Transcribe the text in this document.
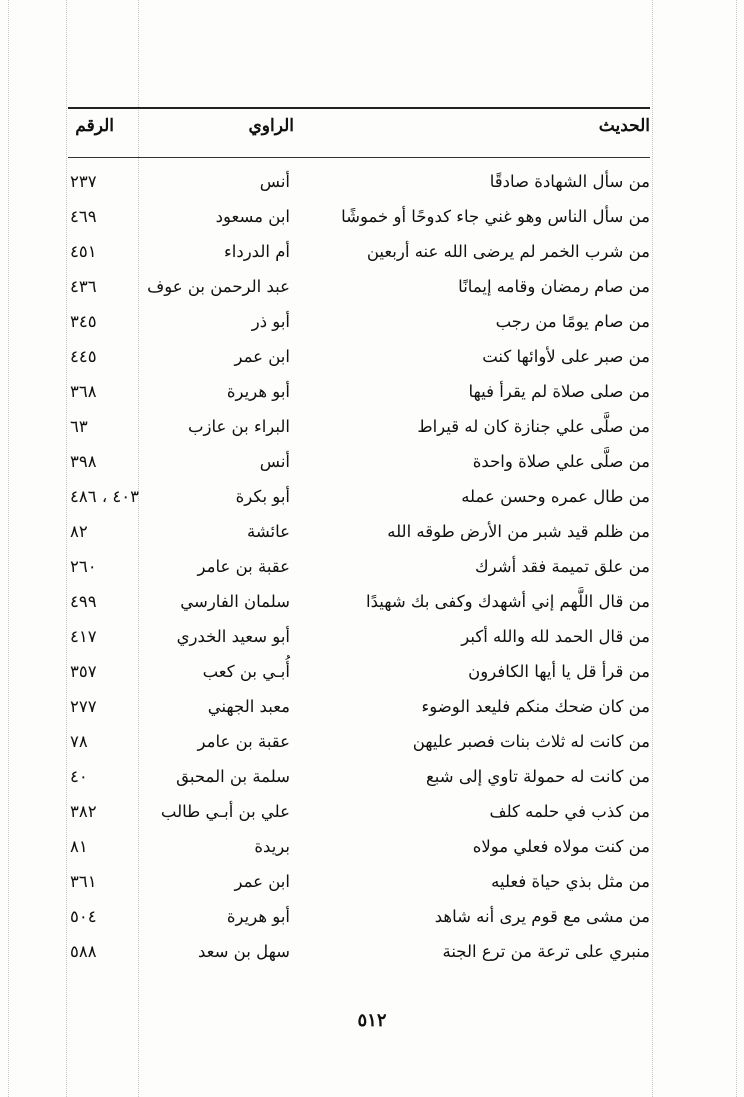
الحديث
الراوي
الرقم
من سأل الشهادة صادقًا
أنس
٢٣٧
من سأل الناس وهو غني جاء كدوحًا أو خموشًا
ابن مسعود
٤٦٩
من شرب الخمر لم يرضى الله عنه أربعين
أم الدرداء
٤٥١
من صام رمضان وقامه إيمانًا
عبد الرحمن بن عوف
٤٣٦
من صام يومًا من رجب
أبو ذر
٣٤٥
من صبر على لأوائها كنت
ابن عمر
٤٤٥
من صلى صلاة لم يقرأ فيها
أبو هريرة
٣٦٨
من صلَّى علي جنازة كان له قيراط
البراء بن عازب
٦٣
من صلَّى علي صلاة واحدة
أنس
٣٩٨
من طال عمره وحسن عمله
أبو بكرة
٤٠٣ ، ٤٨٦
من ظلم قيد شبر من الأرض طوقه الله
عائشة
٨٢
من علق تميمة فقد أشرك
عقبة بن عامر
٢٦٠
من قال اللَّهم إني أشهدك وكفى بك شهيدًا
سلمان الفارسي
٤٩٩
من قال الحمد لله والله أكبر
أبو سعيد الخدري
٤١٧
من قرأ قل يا أيها الكافرون
أُبـي بن كعب
٣٥٧
من كان ضحك منكم فليعد الوضوء
معبد الجهني
٢٧٧
من كانت له ثلاث بنات فصبر عليهن
عقبة بن عامر
٧٨
من كانت له حمولة تاوي إلى شبع
سلمة بن المحبق
٤٠
من كذب في حلمه كلف
علي بن أبـي طالب
٣٨٢
من كنت مولاه فعلي مولاه
بريدة
٨١
من مثل بذي حياة فعليه
ابن عمر
٣٦١
من مشى مع قوم يرى أنه شاهد
أبو هريرة
٥٠٤
منبري على ترعة من ترع الجنة
سهل بن سعد
٥٨٨
٥١٢
